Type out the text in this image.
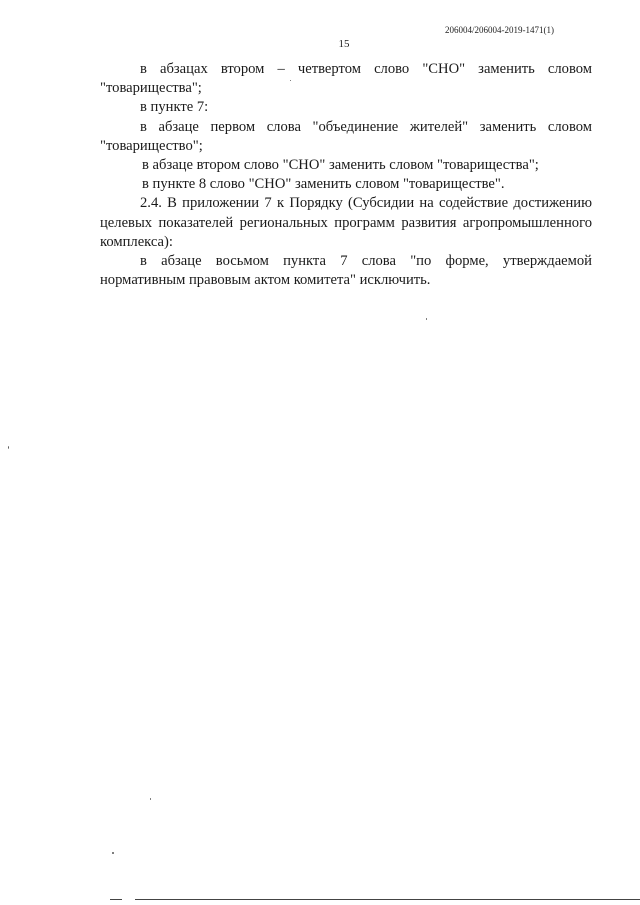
206004/206004-2019-1471(1)
15

в абзацах втором – четвертом слово "СНО" заменить словом "товарищества";

в пункте 7:

в абзаце первом слова "объединение жителей" заменить словом "товарищество";

в абзаце втором слово "СНО" заменить словом "товарищества";

в пункте 8 слово "СНО" заменить словом "товариществе".

2.4. В приложении 7 к Порядку (Субсидии на содействие достижению целевых показателей региональных программ развития агропромышленного комплекса):

в абзаце восьмом пункта 7 слова "по форме, утверждаемой нормативным правовым актом комитета" исключить.
